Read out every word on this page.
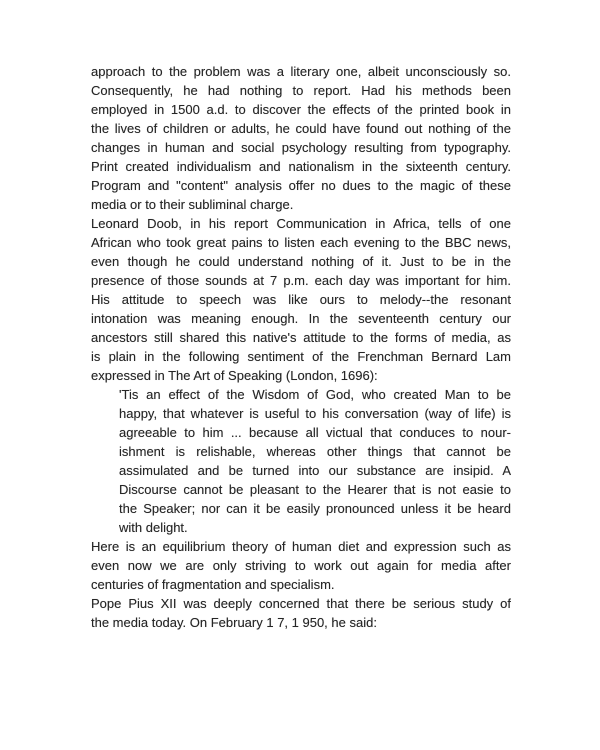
approach to the problem was a literary one, albeit unconsciously so.
Consequently, he had nothing to report. Had his methods been
employed in 1500 a.d. to discover the effects of the printed book in
the lives of children or adults, he could have found out nothing of the
changes in human and social psychology resulting from typography.
Print created individualism and nationalism in the sixteenth century.
Program and "content" analysis offer no dues to the magic of these
media or to their subliminal charge.
Leonard Doob, in his report Communication in Africa, tells of one
African who took great pains to listen each evening to the BBC news,
even though he could understand nothing of it. Just to be in the
presence of those sounds at 7 p.m. each day was important for him.
His attitude to speech was like ours to melody--the resonant
intonation was meaning enough. In the seventeenth century our
ancestors still shared this native's attitude to the forms of media, as
is plain in the following sentiment of the Frenchman Bernard Lam
expressed in The Art of Speaking (London, 1696):
'Tis an effect of the Wisdom of God, who created Man to be
happy, that whatever is useful to his conversation (way of life) is
agreeable to him ... because all victual that conduces to nour-
ishment is relishable, whereas other things that cannot be
assimulated and be turned into our substance are insipid. A
Discourse cannot be pleasant to the Hearer that is not easie to
the Speaker; nor can it be easily pronounced unless it be heard
with delight.
Here is an equilibrium theory of human diet and expression such as
even now we are only striving to work out again for media after
centuries of fragmentation and specialism.
Pope Pius XII was deeply concerned that there be serious study of
the media today. On February 1 7, 1 950, he said:
